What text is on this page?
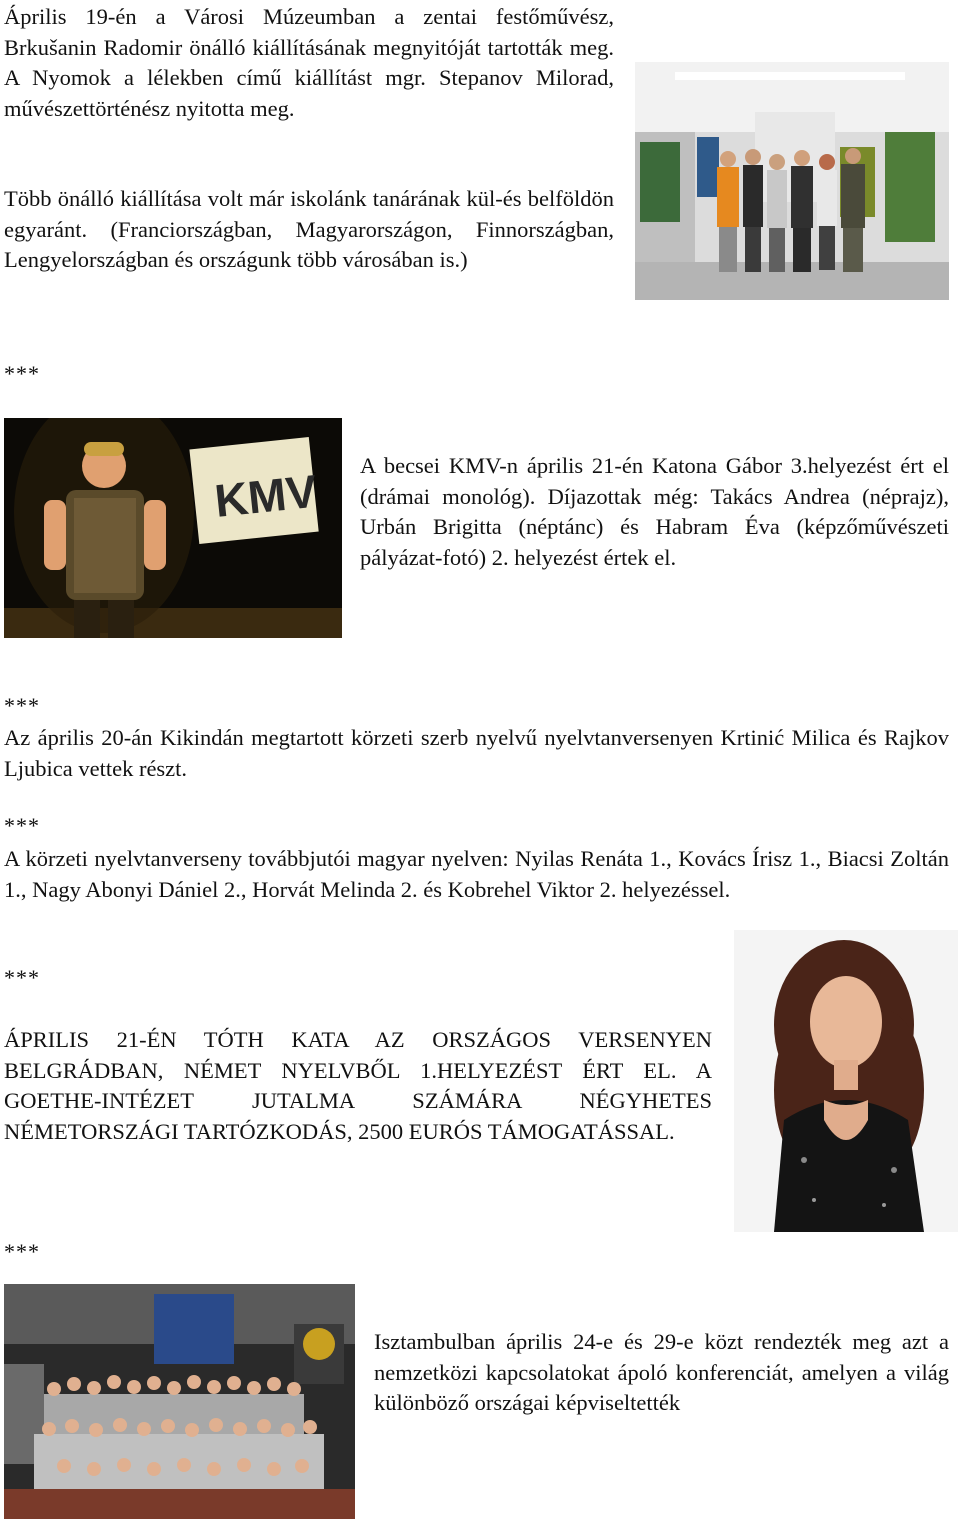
Április 19-én a Városi Múzeumban a zentai festőművész, Brkušanin Radomir önálló kiállításának megnyitóját tartották meg. A Nyomok a lélekben című kiállítást mgr. Stepanov Milorad, művészettörténész nyitotta meg.

Több önálló kiállítása volt már iskolánk tanárának kül-és belföldön egyaránt. (Franciországban, Magyarországon, Finnországban, Lengyelországban és országunk több városában is.)

***

KMV A becsei KMV-n április 21-én Katona Gábor 3.helyezést ért el (drámai monológ). Díjazottak még: Takács Andrea (néprajz), Urbán Brigitta (néptánc) és Habram Éva (képzőművészeti pályázat-fotó) 2. helyezést értek el.

***

Az április 20-án Kikindán megtartott körzeti szerb nyelvű nyelvtanversenyen Krtinić Milica és Rajkov Ljubica vettek részt.

***

A körzeti nyelvtanverseny továbbjutói magyar nyelven: Nyilas Renáta 1., Kovács Írisz 1., Biacsi Zoltán 1., Nagy Abonyi Dániel 2., Horvát Melinda 2. és Kobrehel Viktor 2. helyezéssel.

***

ÁPRILIS 21-ÉN TÓTH KATA AZ ORSZÁGOS VERSENYEN BELGRÁDBAN, NÉMET NYELVBŐL 1.HELYEZÉST ÉRT EL. A GOETHE-INTÉZET JUTALMA SZÁMÁRA NÉGYHETES NÉMETORSZÁGI TARTÓZKODÁS, 2500 EURÓS TÁMOGATÁSSAL.

***

Isztambulban április 24-e és 29-e közt rendezték meg azt a nemzetközi kapcsolatokat ápoló konferenciát, amelyen a világ különböző országai képviseltették
